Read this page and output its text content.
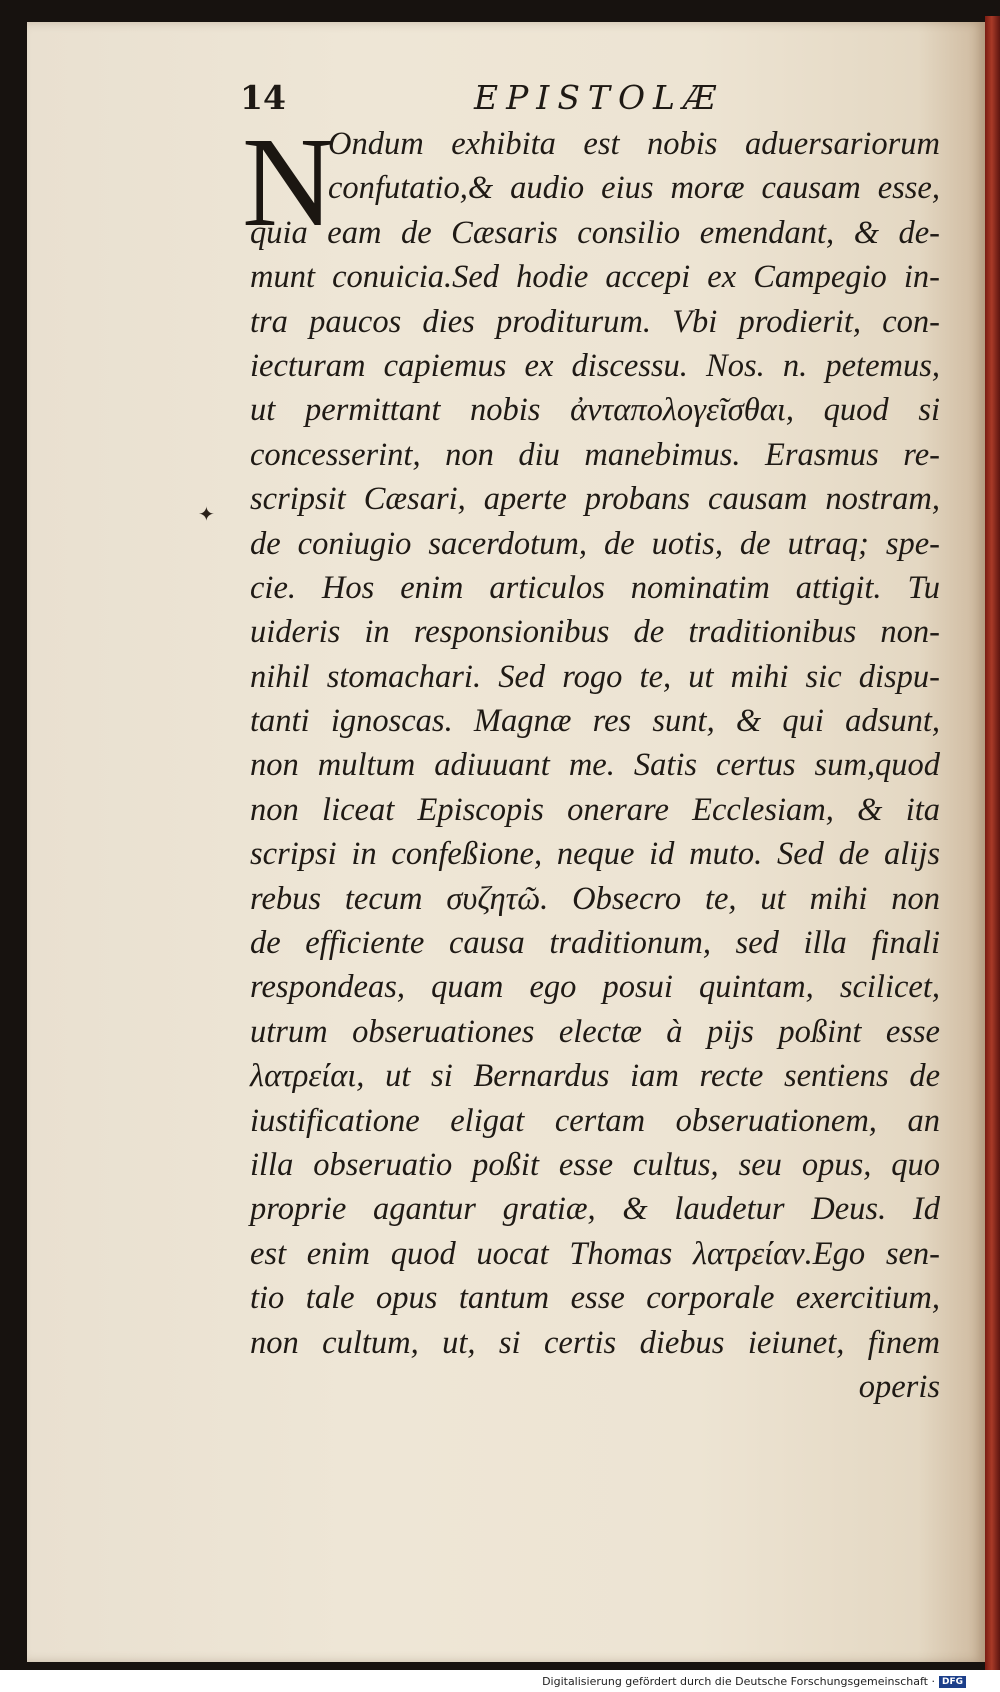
14	EPISTOLÆ
N
✦
Ondum exhibita est nobis aduersariorum
confutatio,& audio eius moræ causam esse,
quia eam de Cæsaris consilio emendant, & de-
munt conuicia.Sed hodie accepi ex Campegio in-
tra paucos dies proditurum. Vbi prodierit, con-
iecturam capiemus ex discessu. Nos. n. petemus,
ut permittant nobis ἀνταπολογεῖσθαι, quod si
concesserint, non diu manebimus. Erasmus re-
scripsit Cæsari, aperte probans causam nostram,
de coniugio sacerdotum, de uotis, de utraq; spe-
cie. Hos enim articulos nominatim attigit. Tu
uideris in responsionibus de traditionibus non-
nihil stomachari. Sed rogo te, ut mihi sic dispu-
tanti ignoscas. Magnæ res sunt, & qui adsunt,
non multum adiuuant me. Satis certus sum,quod
non liceat Episcopis onerare Ecclesiam, & ita
scripsi in confeßione, neque id muto. Sed de alijs
rebus tecum συζητῶ. Obsecro te, ut mihi non
de efficiente causa traditionum, sed illa finali
respondeas, quam ego posui quintam, scilicet,
utrum obseruationes electæ à pijs poßint esse
λατρείαι, ut si Bernardus iam recte sentiens de
iustificatione eligat certam obseruationem, an
illa obseruatio poßit esse cultus, seu opus, quo
proprie agantur gratiæ, & laudetur Deus. Id
est enim quod uocat Thomas λατρείαν.Ego sen-
tio tale opus tantum esse corporale exercitium,
non cultum, ut, si certis diebus ieiunet, finem
operis
Digitalisierung gefördert durch die Deutsche Forschungsgemeinschaft · DFG
